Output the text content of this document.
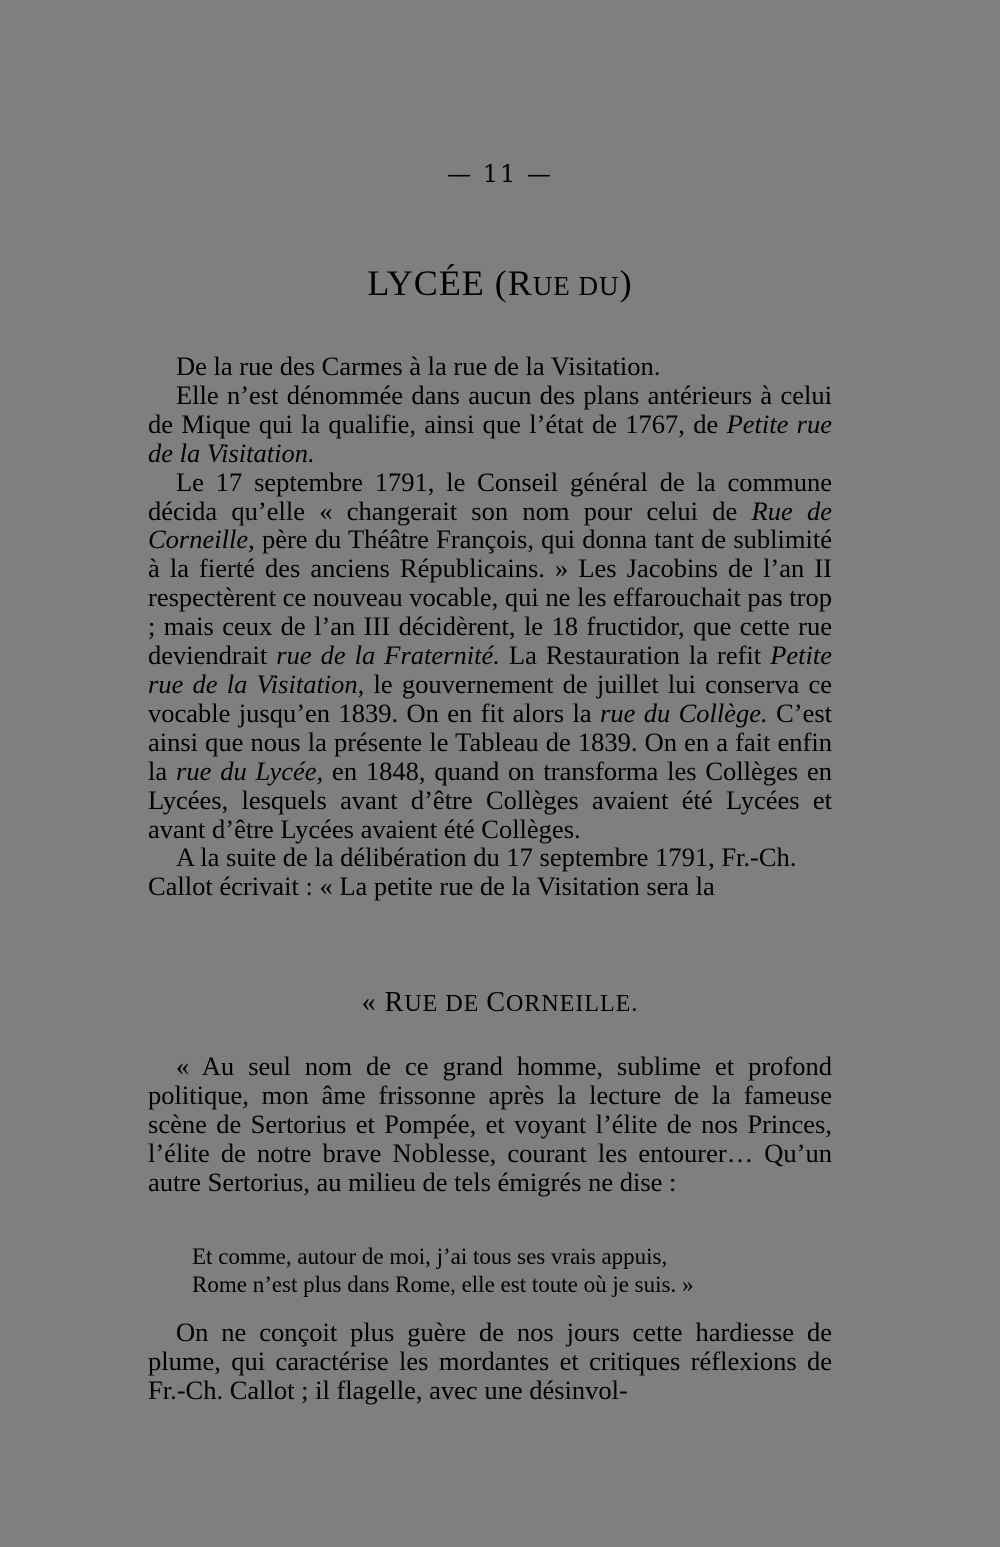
— 11 —
LYCÉE (RUE DU)

De la rue des Carmes à la rue de la Visitation.

Elle n’est dénommée dans aucun des plans antérieurs à celui de Mique qui la qualifie, ainsi que l’état de 1767, de Petite rue de la Visitation.

Le 17 septembre 1791, le Conseil général de la commune décida qu’elle « changerait son nom pour celui de Rue de Corneille, père du Théâtre François, qui donna tant de sublimité à la fierté des anciens Républicains. » Les Jacobins de l’an II respectèrent ce nouveau vocable, qui ne les effarouchait pas trop ; mais ceux de l’an III décidèrent, le 18 fructidor, que cette rue deviendrait rue de la Fraternité. La Restauration la refit Petite rue de la Visitation, le gouvernement de juillet lui conserva ce vocable jusqu’en 1839. On en fit alors la rue du Collège. C’est ainsi que nous la présente le Tableau de 1839. On en a fait enfin la rue du Lycée, en 1848, quand on transforma les Collèges en Lycées, lesquels avant d’être Collèges avaient été Lycées et avant d’être Lycées avaient été Collèges.

A la suite de la délibération du 17 septembre 1791, Fr.-Ch. Callot écrivait : « La petite rue de la Visitation sera la

« RUE DE CORNEILLE.

« Au seul nom de ce grand homme, sublime et profond politique, mon âme frissonne après la lecture de la fameuse scène de Sertorius et Pompée, et voyant l’élite de nos Princes, l’élite de notre brave Noblesse, courant les entourer… Qu’un autre Sertorius, au milieu de tels émigrés ne dise :

Et comme, autour de moi, j’ai tous ses vrais appuis,
Rome n’est plus dans Rome, elle est toute où je suis. »

On ne conçoit plus guère de nos jours cette hardiesse de plume, qui caractérise les mordantes et critiques réflexions de Fr.-Ch. Callot ; il flagelle, avec une désinvol-
